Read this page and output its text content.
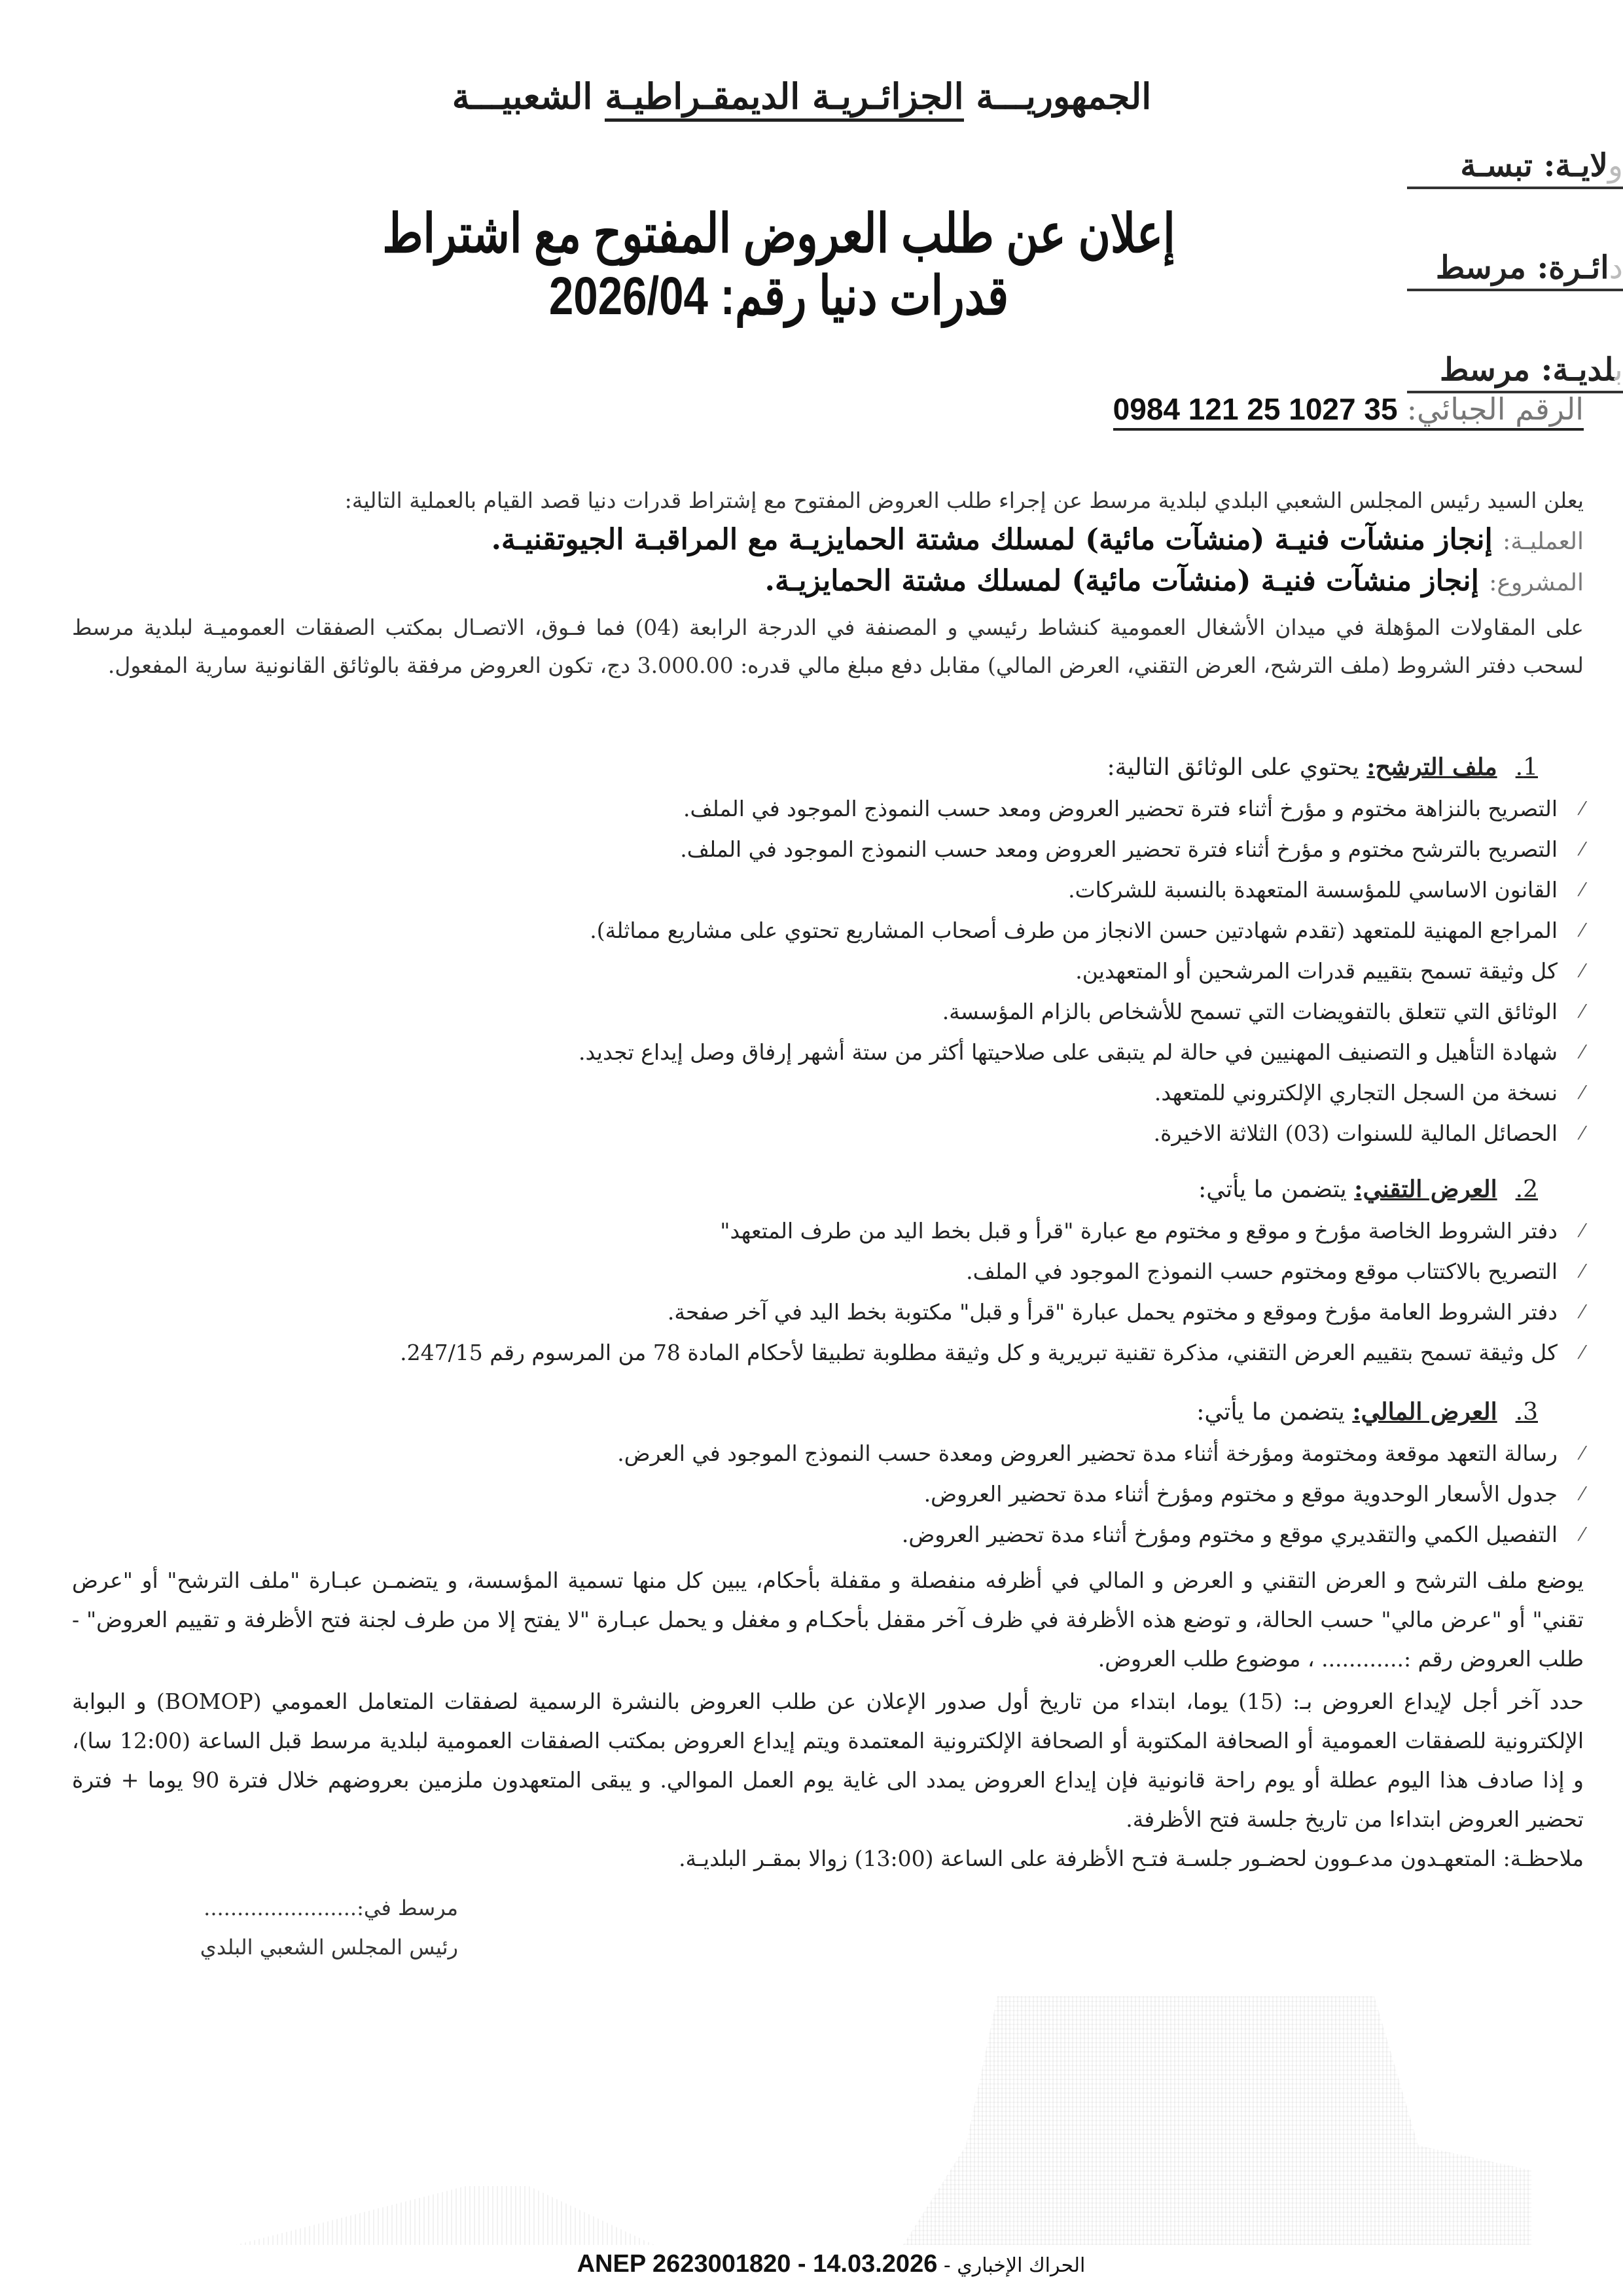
الجمهوريـــة الجزائـريـة الديمقـراطيـة الشعبيـــة
ولايـة: تبسـة
دائـرة: مرسط
بلديـة: مرسط
إعلان عن طلب العروض المفتوح مع اشتراط قدرات دنيا رقم: 2026/04
الرقم الجبائي:35 1027 25 121 0984
يعلن السيد رئيس المجلس الشعبي البلدي لبلدية مرسط عن إجراء طلب العروض المفتوح مع إشتراط قدرات دنيا قصد القيام بالعملية التالية:
العمليـة: إنجاز منشآت فنيـة (منشآت مائية) لمسلك مشتة الحمايزيـة مع المراقبـة الجيوتقنيـة.
المشروع: إنجاز منشآت فنيـة (منشآت مائية) لمسلك مشتة الحمايزيـة.
على المقاولات المؤهلة في ميدان الأشغال العمومية كنشاط رئيسي و المصنفة في الدرجة الرابعة (04) فما فـوق، الاتصـال بمكتب الصفقات العموميـة لبلدية مرسط لسحب دفتر الشروط (ملف الترشح، العرض التقني، العرض المالي) مقابل دفع مبلغ مالي قدره: 3.000.00 دج، تكون العروض مرفقة بالوثائق القانونية سارية المفعول.
1.ملف الترشح: يحتوي على الوثائق التالية:
⁄
التصريح بالنزاهة مختوم و مؤرخ أثناء فترة تحضير العروض ومعد حسب النموذج الموجود في الملف.
⁄
التصريح بالترشح مختوم و مؤرخ أثناء فترة تحضير العروض ومعد حسب النموذج الموجود في الملف.
⁄
القانون الاساسي للمؤسسة المتعهدة بالنسبة للشركات.
⁄
المراجع المهنية للمتعهد (تقدم شهادتين حسن الانجاز من طرف أصحاب المشاريع تحتوي على مشاريع مماثلة).
⁄
كل وثيقة تسمح بتقييم قدرات المرشحين أو المتعهدين.
⁄
الوثائق التي تتعلق بالتفويضات التي تسمح للأشخاص بالزام المؤسسة.
⁄
شهادة التأهيل و التصنيف المهنيين في حالة لم يتبقى على صلاحيتها أكثر من ستة أشهر إرفاق وصل إيداع تجديد.
⁄
نسخة من السجل التجاري الإلكتروني للمتعهد.
⁄
الحصائل المالية للسنوات (03) الثلاثة الاخيرة.
2.العرض التقني: يتضمن ما يأتي:
⁄
دفتر الشروط الخاصة مؤرخ و موقع و مختوم مع عبارة "قرأ و قبل بخط اليد من طرف المتعهد"
⁄
التصريح بالاكتتاب موقع ومختوم حسب النموذج الموجود في الملف.
⁄
دفتر الشروط العامة مؤرخ وموقع و مختوم يحمل عبارة "قرأ و قبل" مكتوبة بخط اليد في آخر صفحة.
⁄
كل وثيقة تسمح بتقييم العرض التقني، مذكرة تقنية تبريرية و كل وثيقة مطلوبة تطبيقا لأحكام المادة 78 من المرسوم رقم 247/15.
3.العرض المالي: يتضمن ما يأتي:
⁄
رسالة التعهد موقعة ومختومة ومؤرخة أثناء مدة تحضير العروض ومعدة حسب النموذج الموجود في العرض.
⁄
جدول الأسعار الوحدوية موقع و مختوم ومؤرخ أثناء مدة تحضير العروض.
⁄
التفصيل الكمي والتقديري موقع و مختوم ومؤرخ أثناء مدة تحضير العروض.
يوضع ملف الترشح و العرض التقني و العرض و المالي في أظرفه منفصلة و مقفلة بأحكام، يبين كل منها تسمية المؤسسة، و يتضمـن عبـارة "ملف الترشح" أو "عرض تقني" أو "عرض مالي" حسب الحالة، و توضع هذه الأظرفة في ظرف آخر مقفل بأحكـام و مغفل و يحمل عبـارة "لا يفتح إلا من طرف لجنة فتح الأظرفة و تقييم العروض" - طلب العروض رقم :............ ، موضوع طلب العروض.
حدد آخر أجل لإيداع العروض بـ: (15) يوما، ابتداء من تاريخ أول صدور الإعلان عن طلب العروض بالنشرة الرسمية لصفقات المتعامل العمومي (BOMOP) و البوابة الإلكترونية للصفقات العمومية أو الصحافة المكتوبة أو الصحافة الإلكترونية المعتمدة ويتم إيداع العروض بمكتب الصفقات العمومية لبلدية مرسط قبل الساعة (12:00 سا)، و إذا صادف هذا اليوم عطلة أو يوم راحة قانونية فإن إيداع العروض يمدد الى غاية يوم العمل الموالي. و يبقى المتعهدون ملزمين بعروضهم خلال فترة 90 يوما + فترة تحضير العروض ابتداءا من تاريخ جلسة فتح الأظرفة.
ملاحظـة: المتعهـدون مدعـوون لحضـور جلسـة فتـح الأظرفة على الساعة (13:00) زوالا بمقـر البلديـة.
مرسط في:.......................
رئيس المجلس الشعبي البلدي
الحراك الإخباري - ANEP 2623001820 - 14.03.2026
